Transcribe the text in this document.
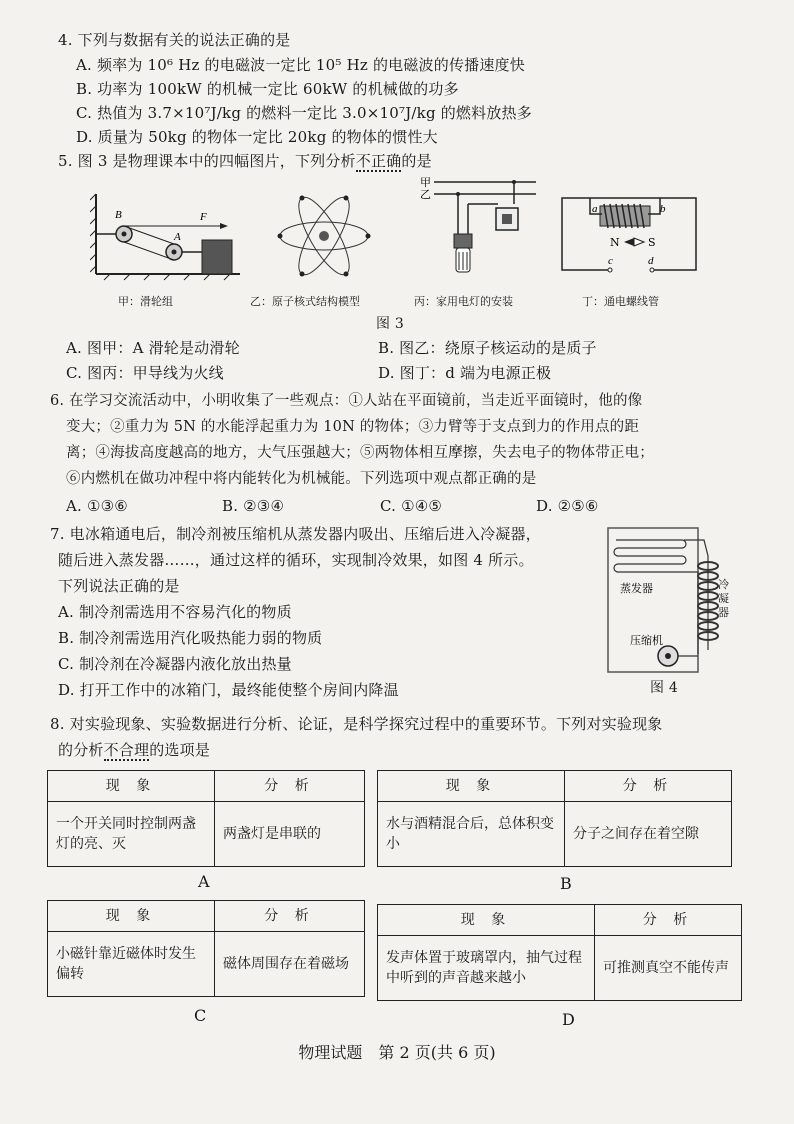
4. 下列与数据有关的说法正确的是
A. 频率为 10⁶ Hz 的电磁波一定比 10⁵ Hz 的电磁波的传播速度快
B. 功率为 100kW 的机械一定比 60kW 的机械做的功多
C. 热值为 3.7×10⁷J/kg 的燃料一定比 3.0×10⁷J/kg 的燃料放热多
D. 质量为 50kg 的物体一定比 20kg 的物体的惯性大
5. 图 3 是物理课本中的四幅图片，下列分析不正确的是
B
A
F
甲
乙
a	b
N	S
c	d
甲：滑轮组	乙：原子核式结构模型	丙：家用电灯的安装	丁：通电螺线管
图 3
A. 图甲：A 滑轮是动滑轮	B. 图乙：绕原子核运动的是质子
C. 图丙：甲导线为火线	D. 图丁：d 端为电源正极
6. 在学习交流活动中，小明收集了一些观点：①人站在平面镜前，当走近平面镜时，他的像
变大；②重力为 5N 的水能浮起重力为 10N 的物体；③力臂等于支点到力的作用点的距
离；④海拔高度越高的地方，大气压强越大；⑤两物体相互摩擦，失去电子的物体带正电；
⑥内燃机在做功冲程中将内能转化为机械能。下列选项中观点都正确的是
A. ①③⑥	B. ②③④	C. ①④⑤	D. ②⑤⑥
7. 电冰箱通电后，制冷剂被压缩机从蒸发器内吸出、压缩后进入冷凝器，
随后进入蒸发器……，通过这样的循环，实现制冷效果，如图 4 所示。
下列说法正确的是
A. 制冷剂需选用不容易汽化的物质
B. 制冷剂需选用汽化吸热能力弱的物质
C. 制冷剂在冷凝器内液化放出热量
D. 打开工作中的冰箱门，最终能使整个房间内降温
蒸发器
压缩机
冷凝器
图 4
8. 对实验现象、实验数据进行分析、论证，是科学探究过程中的重要环节。下列对实验现象
的分析不合理的选项是
现 象	分 析
一个开关同时控制两盏灯的亮、灭	两盏灯是串联的
A
现 象	分 析
水与酒精混合后，总体积变小	分子之间存在着空隙
B
现 象	分 析
小磁针靠近磁体时发生偏转	磁体周围存在着磁场
C
现 象	分 析
发声体置于玻璃罩内，抽气过程中听到的声音越来越小	可推测真空不能传声
D
物理试题　第 2 页(共 6 页)
